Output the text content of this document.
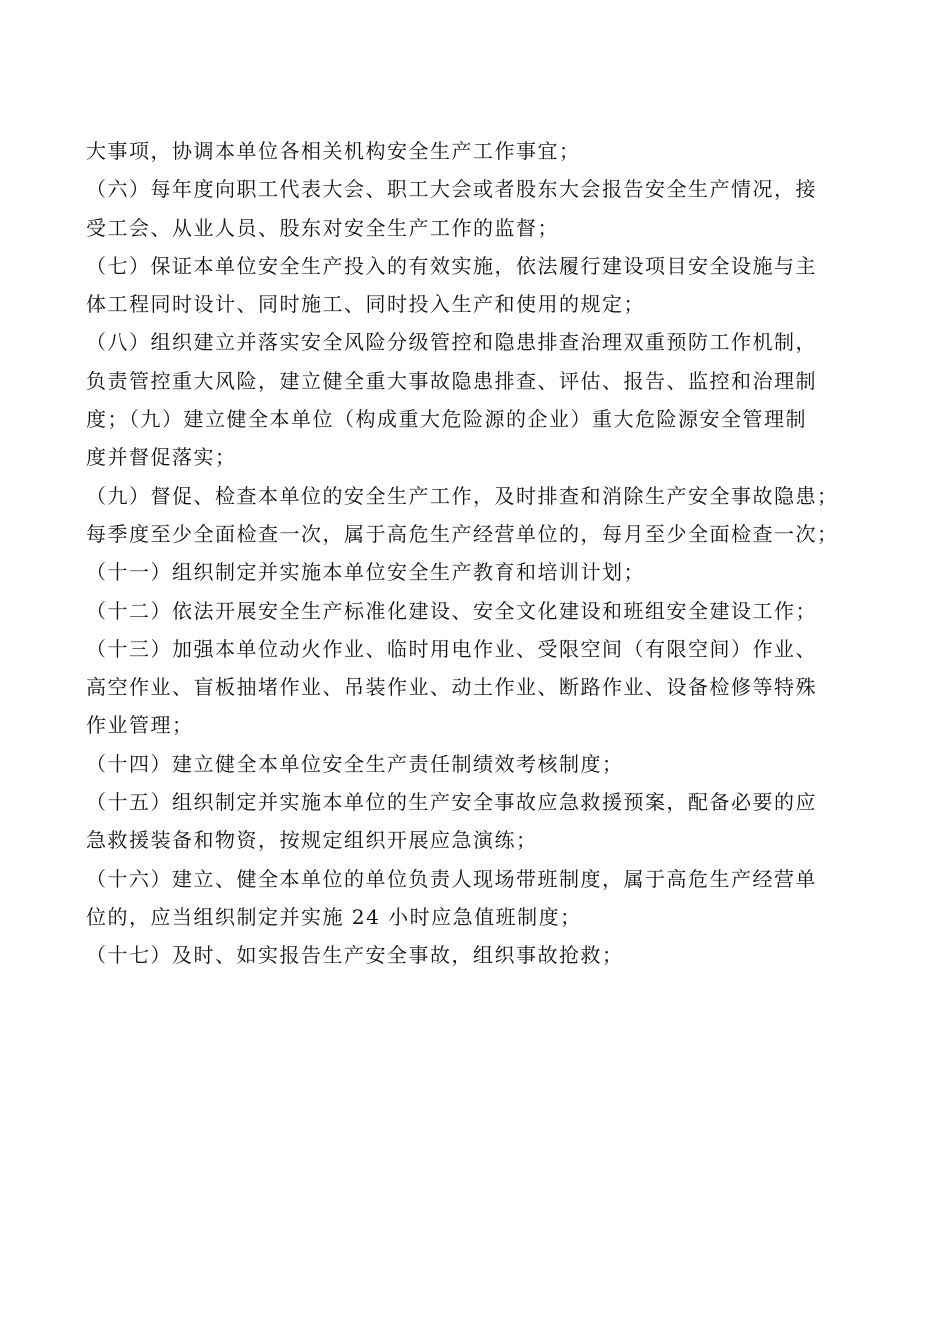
大事项，协调本单位各相关机构安全生产工作事宜；
（六）每年度向职工代表大会、职工大会或者股东大会报告安全生产情况，接
受工会、从业人员、股东对安全生产工作的监督；
（七）保证本单位安全生产投入的有效实施，依法履行建设项目安全设施与主
体工程同时设计、同时施工、同时投入生产和使用的规定；
（八）组织建立并落实安全风险分级管控和隐患排查治理双重预防工作机制，
负责管控重大风险，建立健全重大事故隐患排查、评估、报告、监控和治理制
度；（九）建立健全本单位（构成重大危险源的企业）重大危险源安全管理制
度并督促落实；
（九）督促、检查本单位的安全生产工作，及时排查和消除生产安全事故隐患；
每季度至少全面检查一次，属于高危生产经营单位的，每月至少全面检查一次；
（十一）组织制定并实施本单位安全生产教育和培训计划；
（十二）依法开展安全生产标准化建设、安全文化建设和班组安全建设工作；
（十三）加强本单位动火作业、临时用电作业、受限空间（有限空间）作业、
高空作业、盲板抽堵作业、吊装作业、动土作业、断路作业、设备检修等特殊
作业管理；
（十四）建立健全本单位安全生产责任制绩效考核制度；
（十五）组织制定并实施本单位的生产安全事故应急救援预案，配备必要的应
急救援装备和物资，按规定组织开展应急演练；
（十六）建立、健全本单位的单位负责人现场带班制度，属于高危生产经营单
位的，应当组织制定并实施 24 小时应急值班制度；
（十七）及时、如实报告生产安全事故，组织事故抢救；
